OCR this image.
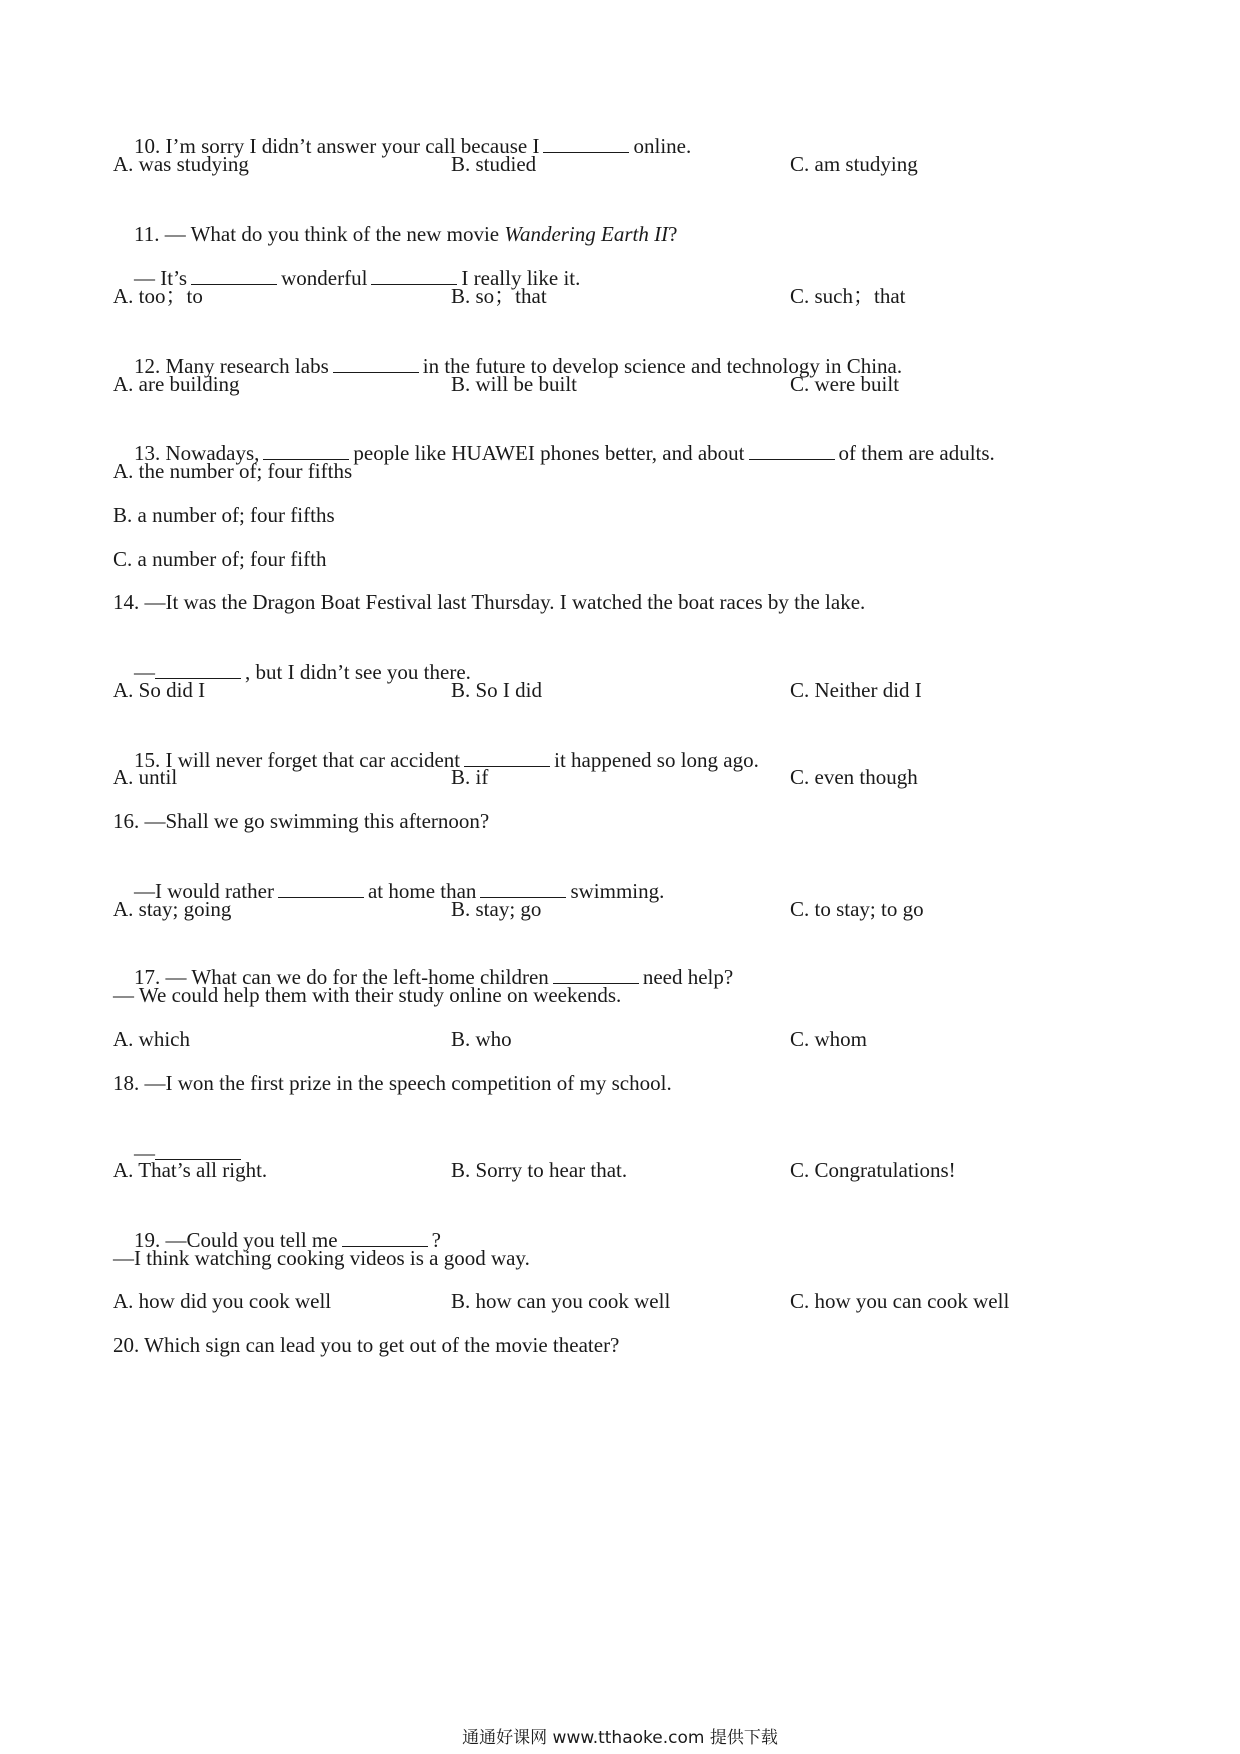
10. I’m sorry I didn’t answer your call because I	online.

A. was studying	B. studied	C. am studying

11. — What do you think of the new movie Wandering Earth II?

— It’s	wonderful	I really like it.

A. too；to	B. so；that	C. such；that

12. Many research labs	in the future to develop science and technology in China.

A. are building	B. will be built	C. were built

13. Nowadays,	people like HUAWEI phones better, and about	of them are adults.

A. the number of; four fifths
B. a number of; four fifths
C. a number of; four fifth
14. —It was the Dragon Boat Festival last Thursday. I watched the boat races by the lake.

—	, but I didn’t see you there.

A. So did I	B. So I did	C. Neither did I

15. I will never forget that car accident	it happened so long ago.

A. until	B. if	C. even though
16. —Shall we go swimming this afternoon?

—I would rather	at home than	swimming.

A. stay; going	B. stay; go	C. to stay; to go

17. — What can we do for the left-home children	need help?

— We could help them with their study online on weekends.
A. which	B. who	C. whom
18. —I won the first prize in the speech competition of my school.

—

A. That’s all right.	B. Sorry to hear that.	C. Congratulations!

19. —Could you tell me	?

—I think watching cooking videos is a good way.
A. how did you cook well	B. how can you cook well	C. how you can cook well
20. Which sign can lead you to get out of the movie theater?
通通好课网 www.tthaoke.com 提供下载
